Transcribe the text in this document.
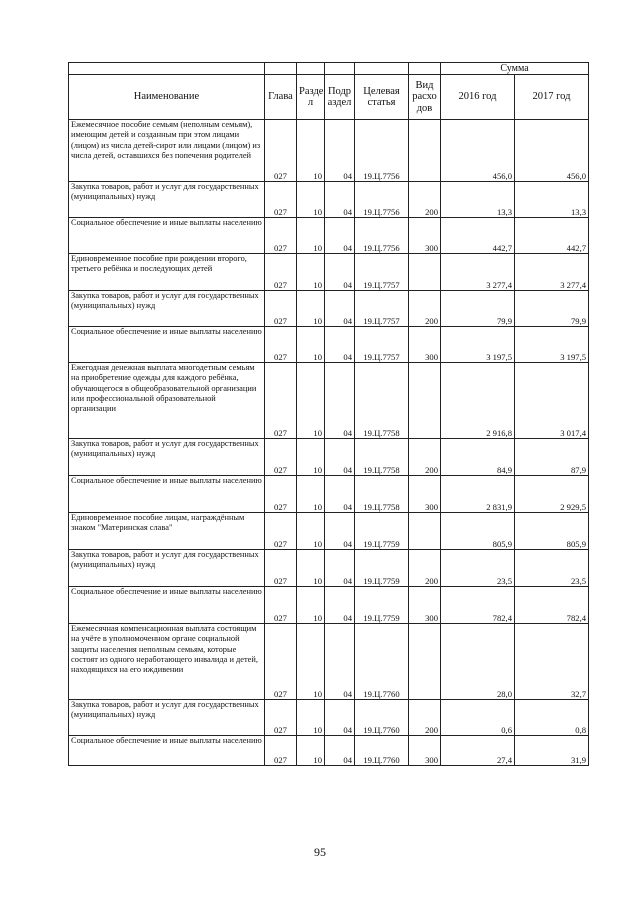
						Сумма	
Наименование	Глава	Разде л	Подр аздел	Целевая статья	Вид расхо дов	2016 год	2017 год
Ежемесячное пособие семьям (неполным семьям), имеющим детей и созданным при этом лицами (лицом) из числа детей-сирот или лицами (лицом) из числа детей, оставшихся без попечения родителей	027	10	04	19.Ц.7756		456,0	456,0
Закупка товаров, работ и услуг для государственных (муниципальных) нужд	027	10	04	19.Ц.7756	200	13,3	13,3
Социальное обеспечение и иные выплаты населению	027	10	04	19.Ц.7756	300	442,7	442,7
Единовременное пособие при рождении второго, третьего ребёнка и последующих детей	027	10	04	19.Ц.7757		3 277,4	3 277,4
Закупка товаров, работ и услуг для государственных (муниципальных) нужд	027	10	04	19.Ц.7757	200	79,9	79,9
Социальное обеспечение и иные выплаты населению	027	10	04	19.Ц.7757	300	3 197,5	3 197,5
Ежегодная денежная выплата многодетным семьям на приобретение одежды для каждого ребёнка, обучающегося в общеобразовательной организации или профессиональной образовательной организации	027	10	04	19.Ц.7758		2 916,8	3 017,4
Закупка товаров, работ и услуг для государственных (муниципальных) нужд	027	10	04	19.Ц.7758	200	84,9	87,9
Социальное обеспечение и иные выплаты населению	027	10	04	19.Ц.7758	300	2 831,9	2 929,5
Единовременное пособие лицам, награждённым знаком "Материнская слава"	027	10	04	19.Ц.7759		805,9	805,9
Закупка товаров, работ и услуг для государственных (муниципальных) нужд	027	10	04	19.Ц.7759	200	23,5	23,5
Социальное обеспечение и иные выплаты населению	027	10	04	19.Ц.7759	300	782,4	782,4
Ежемесячная компенсационная выплата состоящим на учёте в уполномоченном органе социальной защиты населения неполным семьям, которые состоят из одного неработающего инвалида и детей, находящихся на его иждивении	027	10	04	19.Ц.7760		28,0	32,7
Закупка товаров, работ и услуг для государственных (муниципальных) нужд	027	10	04	19.Ц.7760	200	0,6	0,8
Социальное обеспечение и иные выплаты населению	027	10	04	19.Ц.7760	300	27,4	31,9
95
